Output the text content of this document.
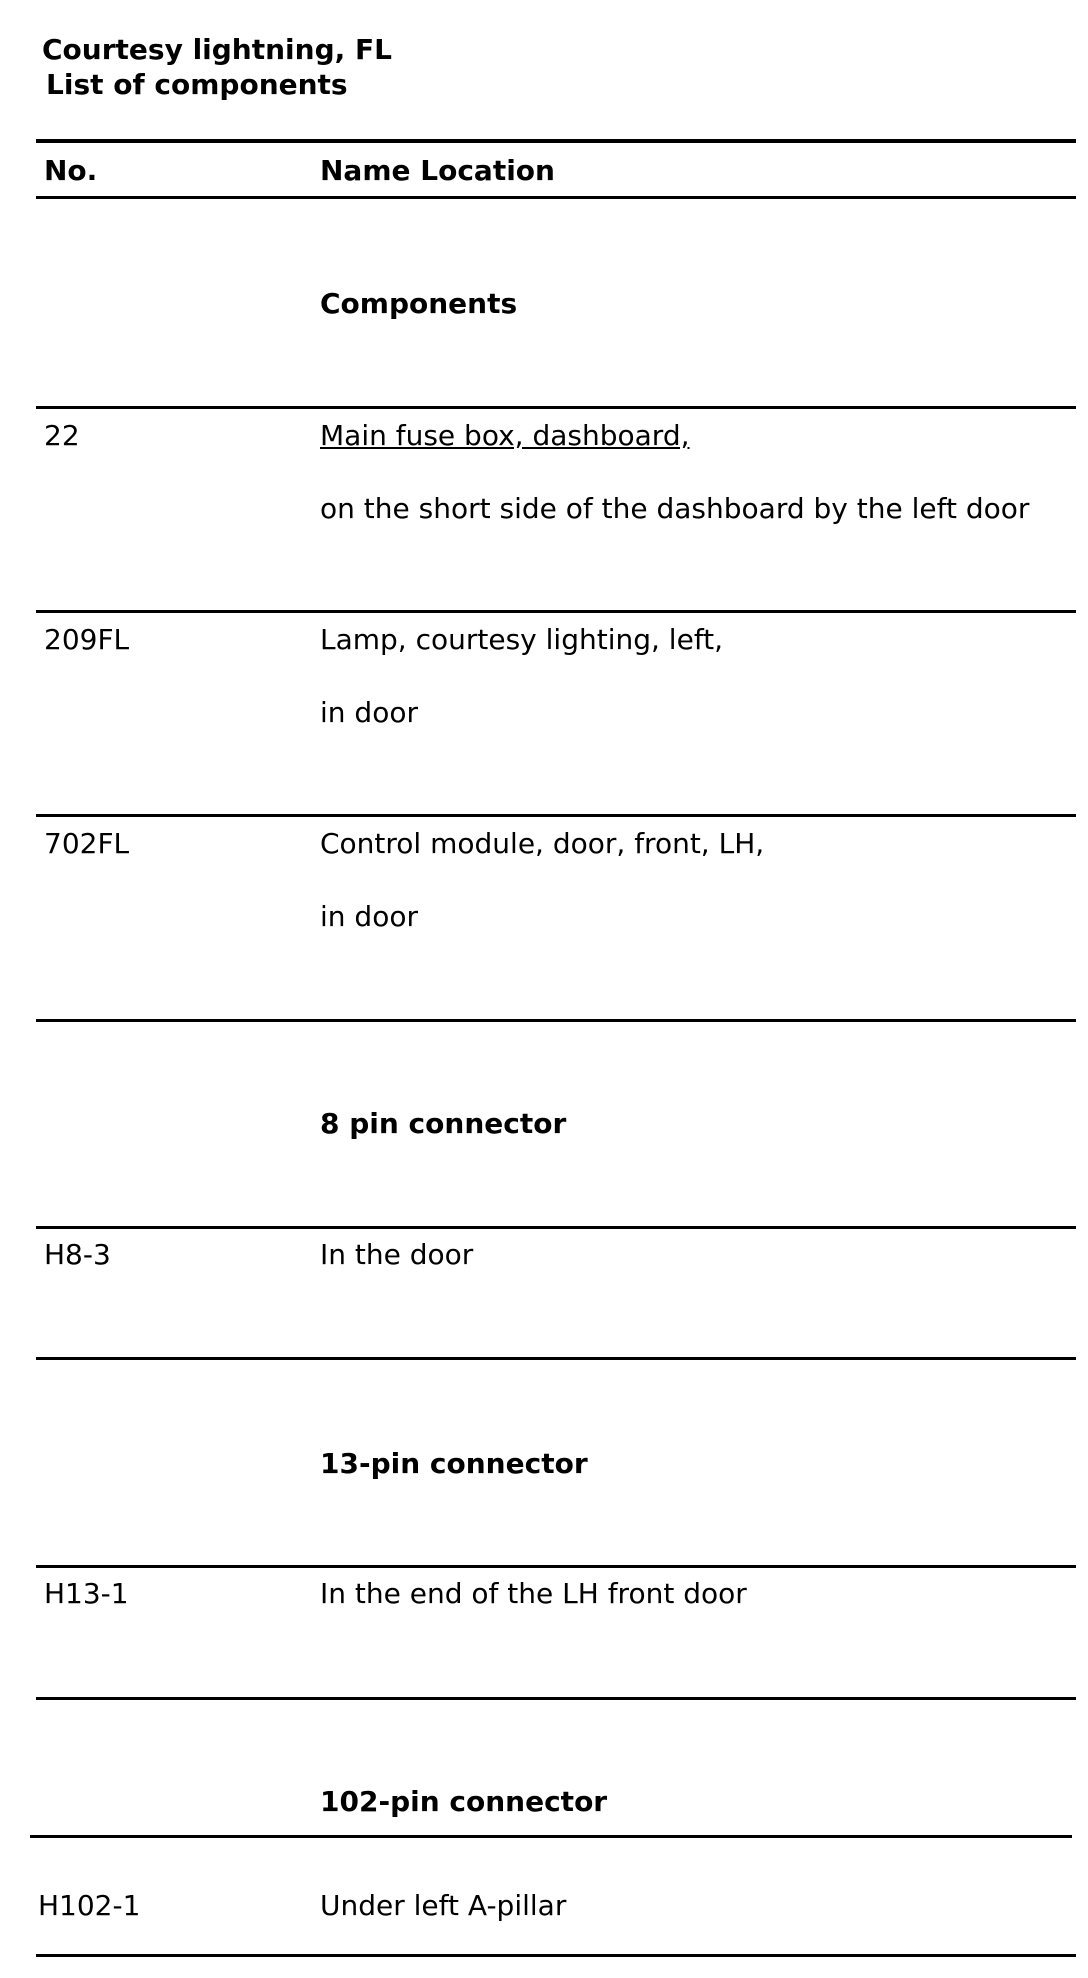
Courtesy lightning, FL
List of components
No.	Name Location
Components
22	Main fuse box, dashboard,
on the short side of the dashboard by the left door
209FL	Lamp, courtesy lighting, left,
in door
702FL	Control module, door, front, LH,
in door
8 pin connector
H8-3	In the door
13-pin connector
H13-1	In the end of the LH front door
102-pin connector
H102-1	Under left A-pillar
